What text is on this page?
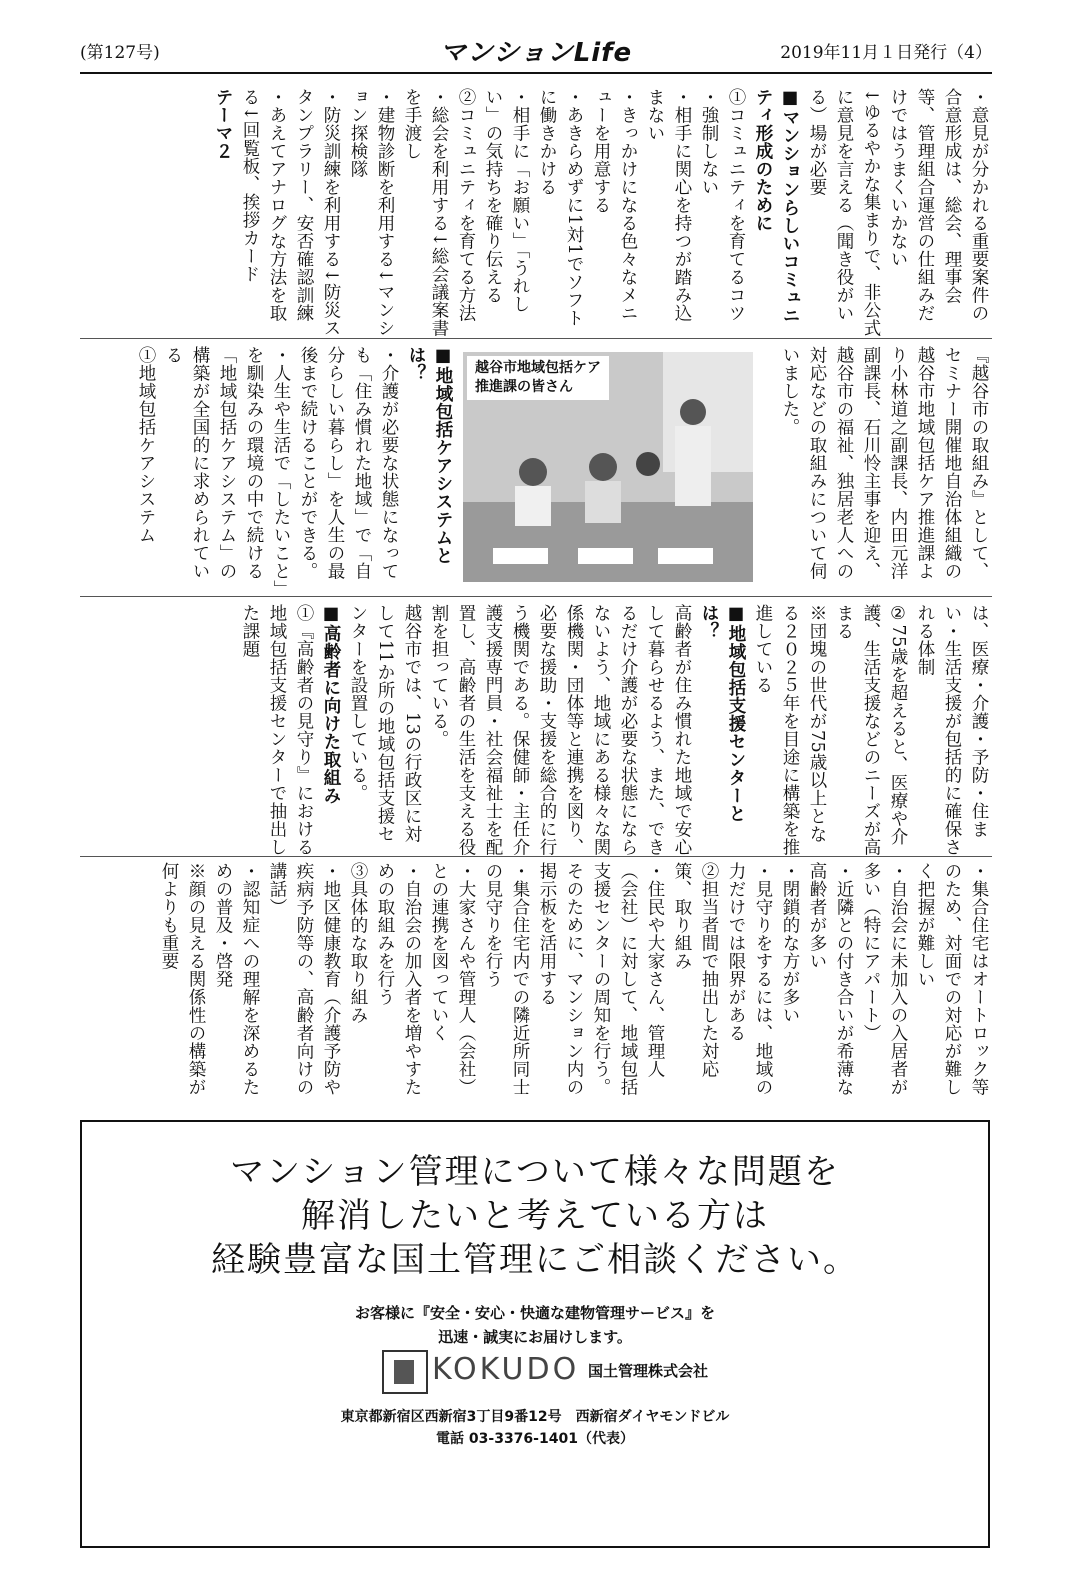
(第127号)	マンションLife	2019年11月１日発行（4）

・意見が分かれる重要案件の合意形成は、総会、理事会等、管理組合運営の仕組みだけではうまくいかない

↓ゆるやかな集まりで、非公式に意見を言える（聞き役がいる）場が必要

■マンションらしいコミュニティ形成のために

①コミュニティを育てるコツ

・強制しない

・相手に関心を持つが踏み込まない

・きっかけになる色々なメニューを用意する

・あきらめずに1対1でソフトに働きかける

・相手に「お願い」「うれしい」の気持ちを確り伝える

②コミュニティを育てる方法

・総会を利用する↓総会議案書を手渡し

・建物診断を利用する↓マンション探検隊

・防災訓練を利用する↓防災スタンプラリー、安否確認訓練

・あえてアナログな方法を取る↓回覧板、挨拶カード

テーマ２

『越谷市の取組み』として、セミナー開催地自治体組織の越谷市地域包括ケア推進課より小林道之副課長、内田元洋副課長、石川怜主事を迎え、越谷市の福祉、独居老人への対応などの取組みについて伺いました。

越谷市地域包括ケア
推進課の皆さん

■地域包括ケアシステムとは？

・介護が必要な状態になっても「住み慣れた地域」で「自分らしい暮らし」を人生の最後まで続けることができる。

・人生や生活で「したいこと」を馴染みの環境の中で続ける「地域包括ケアシステム」の構築が全国的に求められている

①地域包括ケアシステム

は、医療・介護・予防・住まい・生活支援が包括的に確保される体制

②75歳を超えると、医療や介護、生活支援などのニーズが高まる

※団塊の世代が75歳以上となる２０２５年を目途に構築を推進している

■地域包括支援センターとは？

高齢者が住み慣れた地域で安心して暮らせるよう、また、できるだけ介護が必要な状態にならないよう、地域にある様々な関係機関・団体等と連携を図り、必要な援助・支援を総合的に行う機関である。保健師・主任介護支援専門員・社会福祉士を配置し、高齢者の生活を支える役割を担っている。

越谷市では、13の行政区に対して11か所の地域包括支援センターを設置している。

■高齢者に向けた取組み

①『高齢者の見守り』における地域包括支援センターで抽出した課題

・集合住宅はオートロック等のため、対面での対応が難しく把握が難しい

・自治会に未加入の入居者が多い（特にアパート）

・近隣との付き合いが希薄な高齢者が多い

・閉鎖的な方が多い

・見守りをするには、地域の力だけでは限界がある

②担当者間で抽出した対応策、取り組み

・住民や大家さん、管理人（会社）に対して、地域包括支援センターの周知を行う。そのために、マンション内の掲示板を活用する

・集合住宅内での隣近所同士の見守りを行う

・大家さんや管理人（会社）との連携を図っていく

・自治会の加入者を増やすための取組みを行う

③具体的な取り組み

・地区健康教育（介護予防や疾病予防等の、高齢者向けの講話）

・認知症への理解を深めるための普及・啓発

※顔の見える関係性の構築が何よりも重要

マンション管理について様々な問題を
解消したいと考えている方は
経験豊富な国土管理にご相談ください。
お客様に『安全・安心・快適な建物管理サービス』を
迅速・誠実にお届けします。
KOKUDO 国土管理株式会社
東京都新宿区西新宿3丁目9番12号　西新宿ダイヤモンドビル
電話 03-3376-1401（代表）
